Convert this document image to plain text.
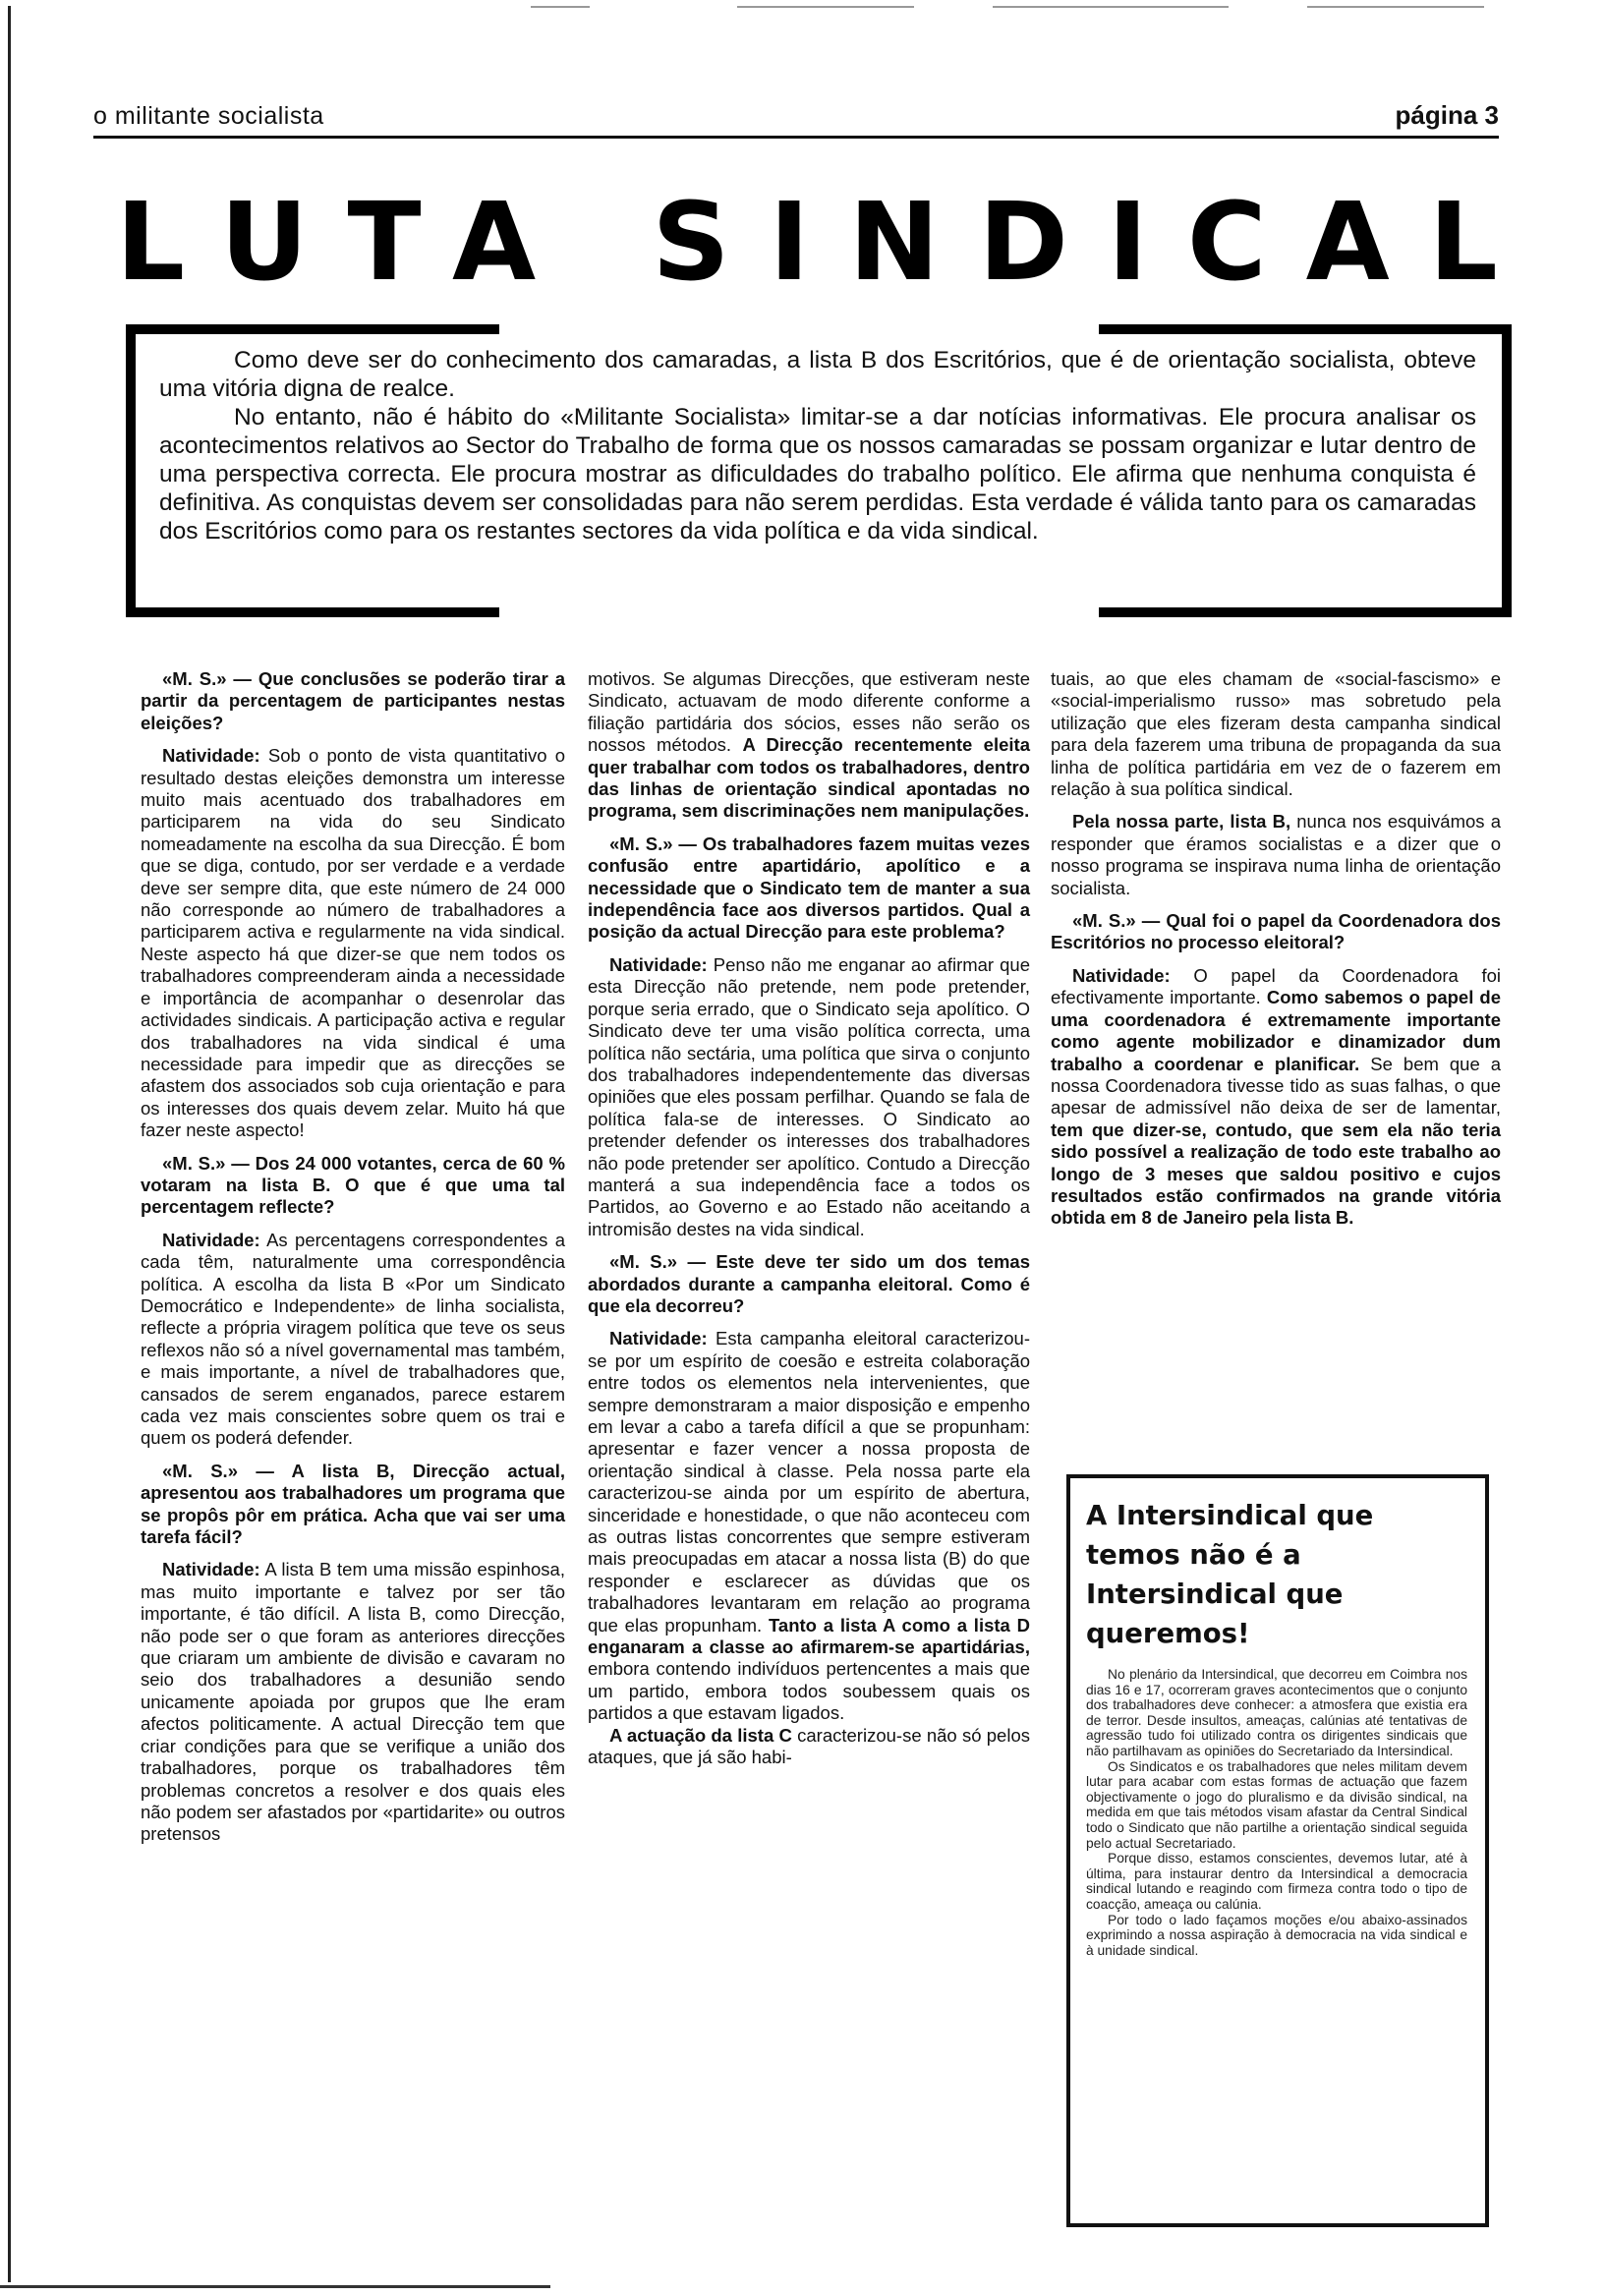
o militante socialista	página 3
LUTA SINDICAL

Como deve ser do conhecimento dos camaradas, a lista B dos Escritórios, que é de orientação socialista, obteve uma vitória digna de realce.

No entanto, não é hábito do «Militante Socialista» limitar-se a dar notícias informativas. Ele procura analisar os acontecimentos relativos ao Sector do Trabalho de forma que os nossos camaradas se possam organizar e lutar dentro de uma perspectiva correcta. Ele procura mostrar as dificuldades do trabalho político. Ele afirma que nenhuma conquista é definitiva. As conquistas devem ser consolidadas para não serem perdidas. Esta verdade é válida tanto para os camaradas dos Escritórios como para os restantes sectores da vida política e da vida sindical.

«M. S.» — Que conclusões se poderão tirar a partir da percentagem de participantes nestas eleições?

Natividade: Sob o ponto de vista quantitativo o resultado destas eleições demonstra um interesse muito mais acentuado dos trabalhadores em participarem na vida do seu Sindicato nomeadamente na escolha da sua Direcção. É bom que se diga, contudo, por ser verdade e a verdade deve ser sempre dita, que este número de 24 000 não corresponde ao número de trabalhadores a participarem activa e regularmente na vida sindical. Neste aspecto há que dizer-se que nem todos os trabalhadores compreenderam ainda a necessidade e importância de acompanhar o desenrolar das actividades sindicais. A participação activa e regular dos trabalhadores na vida sindical é uma necessidade para impedir que as direcções se afastem dos associados sob cuja orientação e para os interesses dos quais devem zelar. Muito há que fazer neste aspecto!

«M. S.» — Dos 24 000 votantes, cerca de 60 % votaram na lista B. O que é que uma tal percentagem reflecte?

Natividade: As percentagens correspondentes a cada têm, naturalmente uma correspondência política. A escolha da lista B «Por um Sindicato Democrático e Independente» de linha socialista, reflecte a própria viragem política que teve os seus reflexos não só a nível governamental mas também, e mais importante, a nível de trabalhadores que, cansados de serem enganados, parece estarem cada vez mais conscientes sobre quem os trai e quem os poderá defender.

«M. S.» — A lista B, Direcção actual, apresentou aos trabalhadores um programa que se propôs pôr em prática. Acha que vai ser uma tarefa fácil?

Natividade: A lista B tem uma missão espinhosa, mas muito importante e talvez por ser tão importante, é tão difícil. A lista B, como Direcção, não pode ser o que foram as anteriores direcções que criaram um ambiente de divisão e cavaram no seio dos trabalhadores a desunião sendo unicamente apoiada por grupos que lhe eram afectos politicamente. A actual Direcção tem que criar condições para que se verifique a união dos trabalhadores, porque os trabalhadores têm problemas concretos a resolver e dos quais eles não podem ser afastados por «partidarite» ou outros pretensos

motivos. Se algumas Direcções, que estiveram neste Sindicato, actuavam de modo diferente conforme a filiação partidária dos sócios, esses não serão os nossos métodos. A Direcção recentemente eleita quer trabalhar com todos os trabalhadores, dentro das linhas de orientação sindical apontadas no programa, sem discriminações nem manipulações.

«M. S.» — Os trabalhadores fazem muitas vezes confusão entre apartidário, apolítico e a necessidade que o Sindicato tem de manter a sua independência face aos diversos partidos. Qual a posição da actual Direcção para este problema?

Natividade: Penso não me enganar ao afirmar que esta Direcção não pretende, nem pode pretender, porque seria errado, que o Sindicato seja apolítico. O Sindicato deve ter uma visão política correcta, uma política não sectária, uma política que sirva o conjunto dos trabalhadores independentemente das diversas opiniões que eles possam perfilhar. Quando se fala de política fala-se de interesses. O Sindicato ao pretender defender os interesses dos trabalhadores não pode pretender ser apolítico. Contudo a Direcção manterá a sua independência face a todos os Partidos, ao Governo e ao Estado não aceitando a intromisão destes na vida sindical.

«M. S.» — Este deve ter sido um dos temas abordados durante a campanha eleitoral. Como é que ela decorreu?

Natividade: Esta campanha eleitoral caracterizou-se por um espírito de coesão e estreita colaboração entre todos os elementos nela intervenientes, que sempre demonstraram a maior disposição e empenho em levar a cabo a tarefa difícil a que se propunham: apresentar e fazer vencer a nossa proposta de orientação sindical à classe. Pela nossa parte ela caracterizou-se ainda por um espírito de abertura, sinceridade e honestidade, o que não aconteceu com as outras listas concorrentes que sempre estiveram mais preocupadas em atacar a nossa lista (B) do que responder e esclarecer as dúvidas que os trabalhadores levantaram em relação ao programa que elas propunham. Tanto a lista A como a lista D enganaram a classe ao afirmarem-se apartidárias, embora contendo indivíduos pertencentes a mais que um partido, embora todos soubessem quais os partidos a que estavam ligados.
A actuação da lista C caracterizou-se não só pelos ataques, que já são habi-

tuais, ao que eles chamam de «social-fascismo» e «social-imperialismo russo» mas sobretudo pela utilização que eles fizeram desta campanha sindical para dela fazerem uma tribuna de propaganda da sua linha de política partidária em vez de o fazerem em relação à sua política sindical.

Pela nossa parte, lista B, nunca nos esquivámos a responder que éramos socialistas e a dizer que o nosso programa se inspirava numa linha de orientação socialista.

«M. S.» — Qual foi o papel da Coordenadora dos Escritórios no processo eleitoral?

Natividade: O papel da Coordenadora foi efectivamente importante. Como sabemos o papel de uma coordenadora é extremamente importante como agente mobilizador e dinamizador dum trabalho a coordenar e planificar. Se bem que a nossa Coordenadora tivesse tido as suas falhas, o que apesar de admissível não deixa de ser de lamentar, tem que dizer-se, contudo, que sem ela não teria sido possível a realização de todo este trabalho ao longo de 3 meses que saldou positivo e cujos resultados estão confirmados na grande vitória obtida em 8 de Janeiro pela lista B.

A Intersindical que temos não é a Intersindical que queremos!

No plenário da Intersindical, que decorreu em Coimbra nos dias 16 e 17, ocorreram graves acontecimentos que o conjunto dos trabalhadores deve conhecer: a atmosfera que existia era de terror. Desde insultos, ameaças, calúnias até tentativas de agressão tudo foi utilizado contra os dirigentes sindicais que não partilhavam as opiniões do Secretariado da Intersindical.

Os Sindicatos e os trabalhadores que neles militam devem lutar para acabar com estas formas de actuação que fazem objectivamente o jogo do pluralismo e da divisão sindical, na medida em que tais métodos visam afastar da Central Sindical todo o Sindicato que não partilhe a orientação sindical seguida pelo actual Secretariado.

Porque disso, estamos conscientes, devemos lutar, até à última, para instaurar dentro da Intersindical a democracia sindical lutando e reagindo com firmeza contra todo o tipo de coacção, ameaça ou calúnia.

Por todo o lado façamos moções e/ou abaixo-assinados exprimindo a nossa aspiração à democracia na vida sindical e à unidade sindical.
